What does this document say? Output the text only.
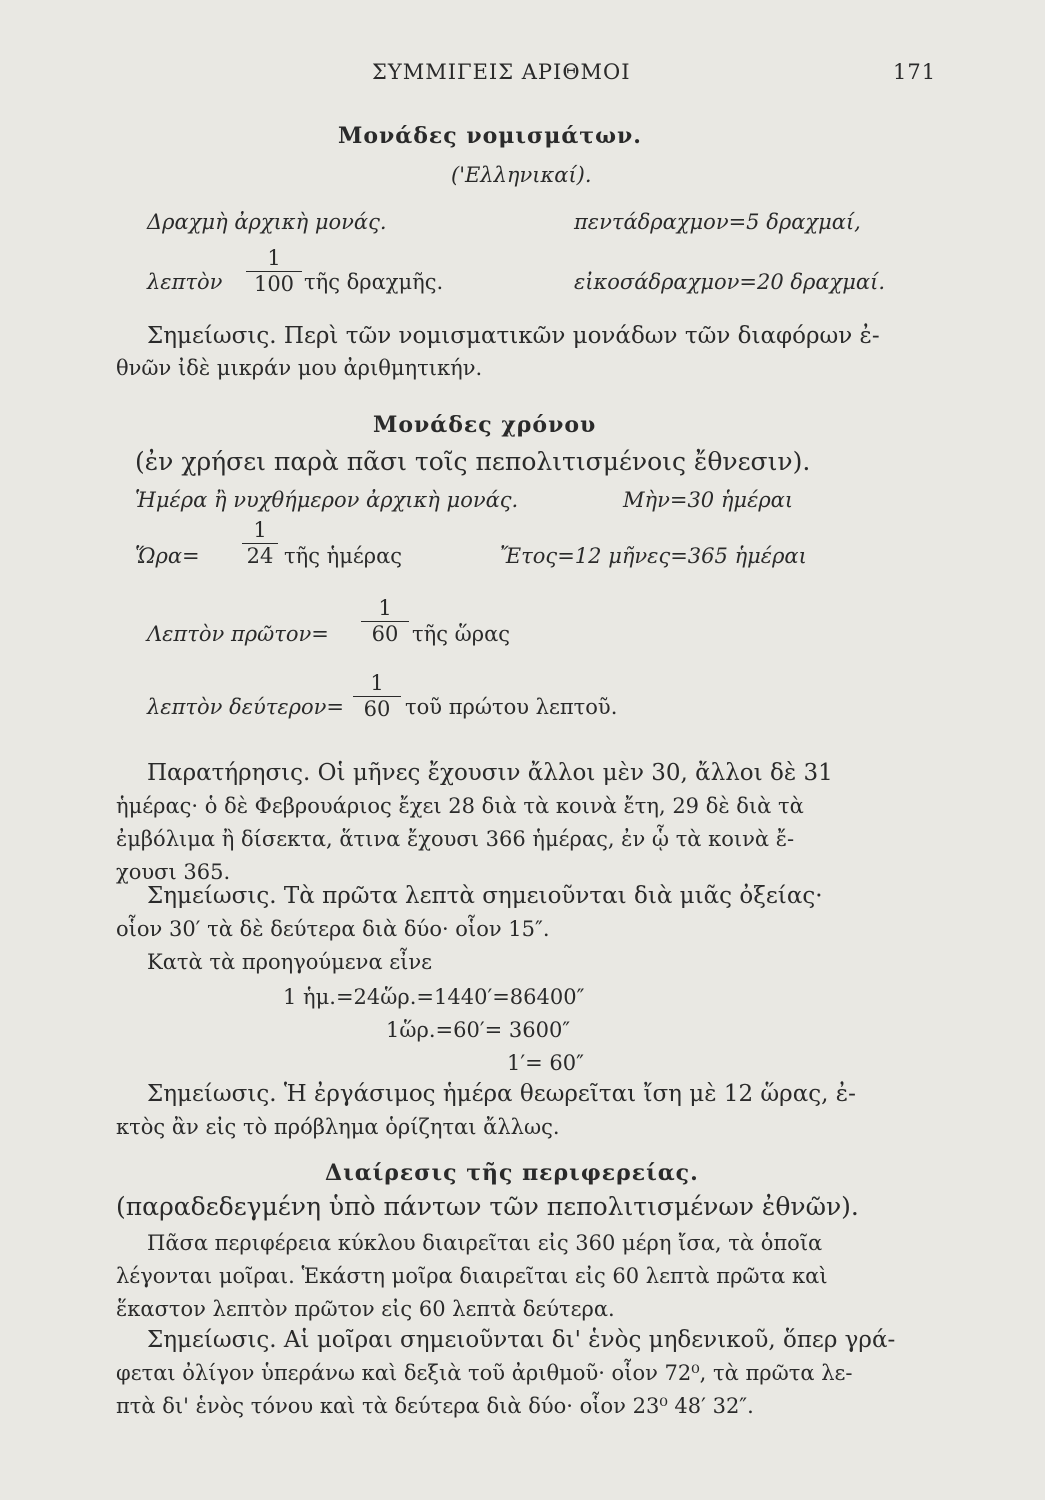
ΣΥΜΜΙΓΕΙΣ ΑΡΙΘΜΟΙ	171
Μονάδες νομισμάτων.
('Ελληνικαί).
Δραχμὴ ἀρχικὴ μονάς.	πεντάδραχμον=5 δραχμαί,
λεπτὸν
1
100 τῆς δραχμῆς.	εἰκοσάδραχμον=20 δραχμαί.
Σημείωσις. Περὶ τῶν νομισματικῶν μονάδων τῶν διαφόρων ἐ-
θνῶν ἰδὲ μικράν μου ἀριθμητικήν.
Μονάδες χρόνου
(ἐν χρήσει παρὰ πᾶσι τοῖς πεπολιτισμένοις ἔθνεσιν).
Ἡμέρα ἢ νυχθήμερον ἀρχικὴ μονάς.	Μὴν=30 ἡμέραι
Ὥρα=
1
24 τῆς ἡμέρας	Ἔτος=12 μῆνες=365 ἡμέραι
Λεπτὸν πρῶτον=
1
60 τῆς ὥρας
λεπτὸν δεύτερον=
1
60 τοῦ πρώτου λεπτοῦ.
Παρατήρησις. Οἱ μῆνες ἔχουσιν ἄλλοι μὲν 30, ἄλλοι δὲ 31
ἡμέρας· ὁ δὲ Φεβρουάριος ἔχει 28 διὰ τὰ κοινὰ ἔτη, 29 δὲ διὰ τὰ
ἐμβόλιμα ἢ δίσεκτα, ἅτινα ἔχουσι 366 ἡμέρας, ἐν ᾧ τὰ κοινὰ ἔ-
χουσι 365.
Σημείωσις. Τὰ πρῶτα λεπτὰ σημειοῦνται διὰ μιᾶς ὀξείας·
οἷον 30′ τὰ δὲ δεύτερα διὰ δύο· οἷον 15″.
Κατὰ τὰ προηγούμενα εἶνε
1 ἡμ.=24ὥρ.=1440′=86400″
1ὥρ.=60′= 3600″
1′= 60″
Σημείωσις. Ἡ ἐργάσιμος ἡμέρα θεωρεῖται ἴση μὲ 12 ὥρας, ἐ-
κτὸς ἂν εἰς τὸ πρόβλημα ὁρίζηται ἄλλως.
Διαίρεσις τῆς περιφερείας.
(παραδεδεγμένη ὑπὸ πάντων τῶν πεπολιτισμένων ἐθνῶν).
Πᾶσα περιφέρεια κύκλου διαιρεῖται εἰς 360 μέρη ἴσα, τὰ ὁποῖα
λέγονται μοῖραι. Ἑκάστη μοῖρα διαιρεῖται εἰς 60 λεπτὰ πρῶτα καὶ
ἕκαστον λεπτὸν πρῶτον εἰς 60 λεπτὰ δεύτερα.
Σημείωσις. Αἱ μοῖραι σημειοῦνται δι' ἑνὸς μηδενικοῦ, ὅπερ γρά-
φεται ὀλίγον ὑπεράνω καὶ δεξιὰ τοῦ ἀριθμοῦ· οἷον 72⁰, τὰ πρῶτα λε-
πτὰ δι' ἑνὸς τόνου καὶ τὰ δεύτερα διὰ δύο· οἷον 23⁰ 48′ 32″.
